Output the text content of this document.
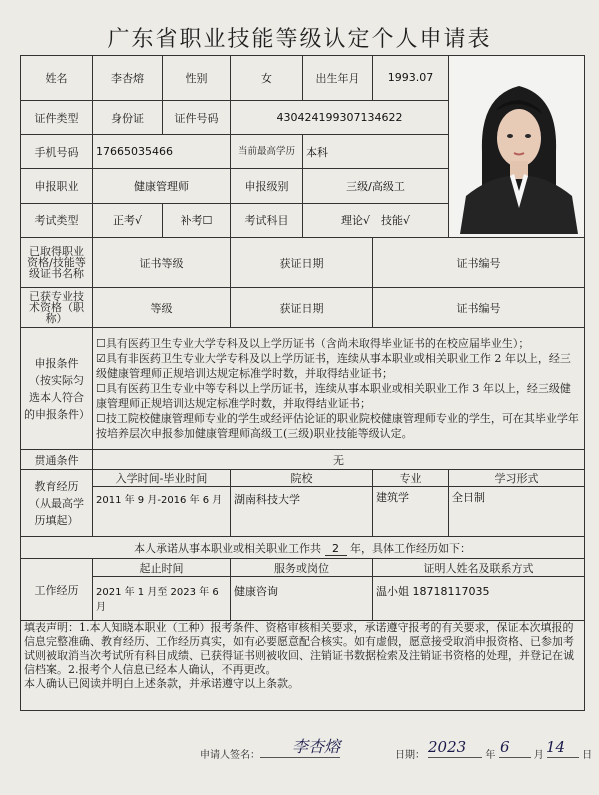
广东省职业技能等级认定个人申请表
姓名	李杏熔	性别	女	出生年月	1993.07	

证件类型	身份证	证件号码	430424199307134622			
手机号码	17665035466		当前最高学历	本科		
申报职业	健康管理师		申报级别	三级/高级工		
考试类型	正考√	补考☐	考试科目	理论√　技能√		
已取得职业资格/技能等级证书名称	证书等级		获证日期		证书编号	
已获专业技术资格（职称）	等级		获证日期		证书编号	
申报条件（按实际匀选本人符合的申报条件）	☐具有医药卫生专业大学专科及以上学历证书（含尚未取得毕业证书的在校应届毕业生）；
☑具有非医药卫生专业大学专科及以上学历证书，连续从事本职业或相关职业工作 2 年以上，经三级健康管理师正规培训达规定标准学时数，并取得结业证书；
☐具有医药卫生专业中等专科以上学历证书，连续从事本职业或相关职业工作 3 年以上，经三级健康管理师正规培训达规定标准学时数，并取得结业证书；
☐技工院校健康管理师专业的学生或经评估论证的职业院校健康管理师专业的学生，可在其毕业学年按培养层次申报参加健康管理师高级工(三级)职业技能等级认定。					

贯通条件	无					
教育经历（从最高学历填起）	入学时间-毕业时间		院校		专业	学习形式
	2011 年 9 月-2016 年 6 月		湖南科技大学		建筑学	全日制
本人承诺从事本职业或相关职业工作共 2 年，具体工作经历如下：						
工作经历	起止时间		服务或岗位		证明人姓名及联系方式	
	2021 年 1 月至 2023 年 6 月		健康咨询		温小姐 18718117035	

填表声明：1.本人知晓本职业（工种）报考条件、资格审核相关要求，承诺遵守报考的有关要求，保证本次填报的信息完整准确、教育经历、工作经历真实，如有必要愿意配合核实。如有虚假，愿意接受取消申报资格、已参加考试则被取消当次考试所有科目成绩、已获得证书则被收回、注销证书数据检索及注销证书资格的处理，并登记在诚信档案。2.报考个人信息已经本人确认，不再更改。
本人确认已阅读并明白上述条款，并承诺遵守以上条款。						
申请人签名：	李杏熔	日期：	年	月	日
2023 6 14
